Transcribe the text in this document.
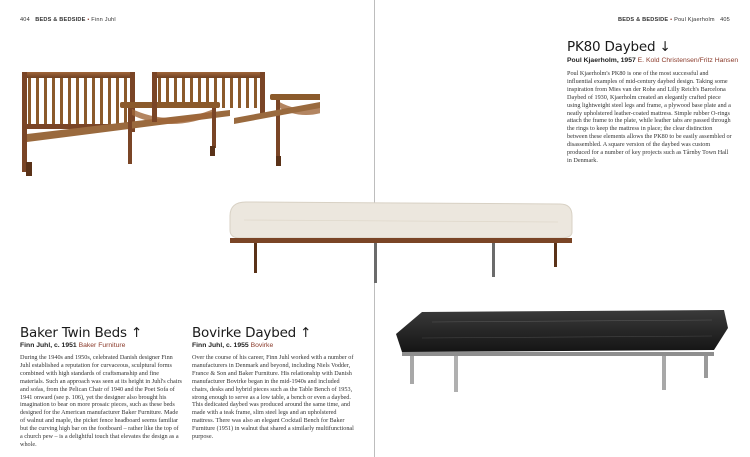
404 BEDS & BEDSIDE • Finn Juhl	BEDS & BEDSIDE • Poul Kjaerholm 405
PK80 Daybed ↓
Poul Kjaerholm, 1957 E. Kold Christensen/Fritz Hansen

Poul Kjaerholm's PK80 is one of the most successful and influential examples of mid-century daybed design. Taking some inspiration from Mies van der Rohe and Lilly Reich's Barcelona Daybed of 1930, Kjaerholm created an elegantly crafted piece using lightweight steel legs and frame, a plywood base plate and a neatly upholstered leather-coated mattress. Simple rubber O-rings attach the frame to the plate, while leather tabs are passed through the rings to keep the mattress in place; the clear distinction between these elements allows the PK80 to be easily assembled or disassembled. A square version of the daybed was custom produced for a number of key projects such as Tårnby Town Hall in Denmark.

Baker Twin Beds ↑
Finn Juhl, c. 1951 Baker Furniture

During the 1940s and 1950s, celebrated Danish designer Finn Juhl established a reputation for curvaceous, sculptural forms combined with high standards of craftsmanship and fine materials. Such an approach was seen at its height in Juhl's chairs and sofas, from the Pelican Chair of 1940 and the Poet Sofa of 1941 onward (see p. 106), yet the designer also brought his imagination to bear on more prosaic pieces, such as these beds designed for the American manufacturer Baker Furniture. Made of walnut and maple, the picket fence headboard seems familiar but the curving high bar on the footboard – rather like the top of a church pew – is a delightful touch that elevates the design as a whole.

Bovirke Daybed ↑
Finn Juhl, c. 1955 Bovirke

Over the course of his career, Finn Juhl worked with a number of manufacturers in Denmark and beyond, including Niels Vodder, France & Son and Baker Furniture. His relationship with Danish manufacturer Bovirke began in the mid-1940s and included chairs, desks and hybrid pieces such as the Table Bench of 1953, strong enough to serve as a low table, a bench or even a daybed. This dedicated daybed was produced around the same time, and made with a teak frame, slim steel legs and an upholstered mattress. There was also an elegant Cocktail Bench for Baker Furniture (1951) in walnut that shared a similarly multifunctional purpose.
